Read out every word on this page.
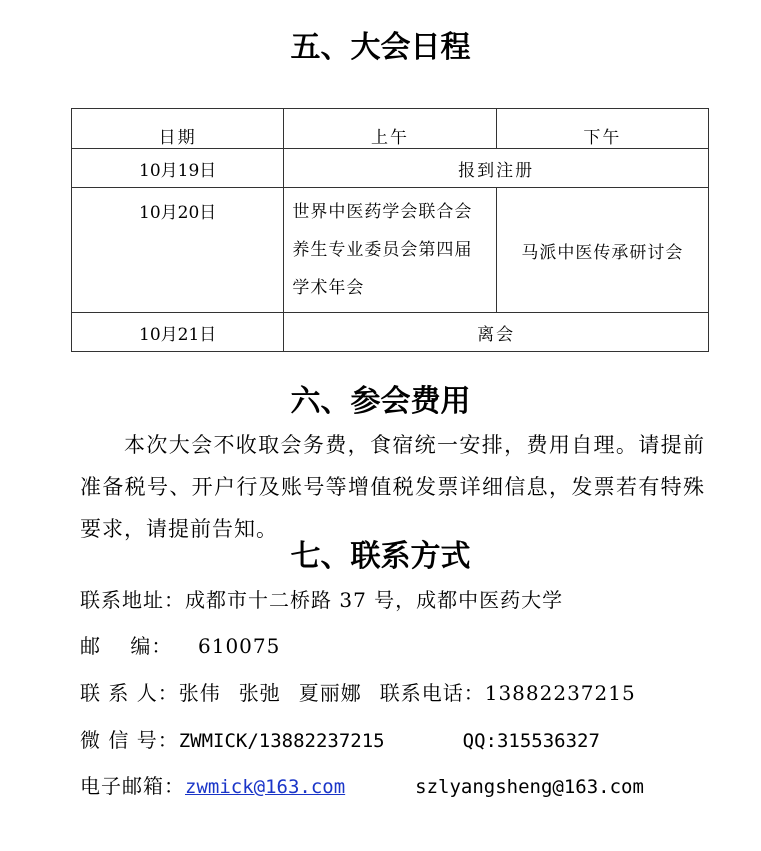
五、大会日程
日期	上午	下午
10月19日	报到注册	
10月20日	世界中医药学会联合会养生专业委员会第四届学术年会	马派中医传承研讨会
10月21日	离会	
六、参会费用

本次大会不收取会务费，食宿统一安排，费用自理。请提前准备税号、开户行及账号等增值税发票详细信息，发票若有特殊要求，请提前告知。

七、联系方式
联系地址：成都市十二桥路 37 号，成都中医药大学
邮    编： 610075
联 系 人：张伟 张弛 夏丽娜 联系电话：13882237215
微 信 号：ZWMICK/13882237215	QQ:315536327
电子邮箱：zwmick@163.com	szlyangsheng@163.com
